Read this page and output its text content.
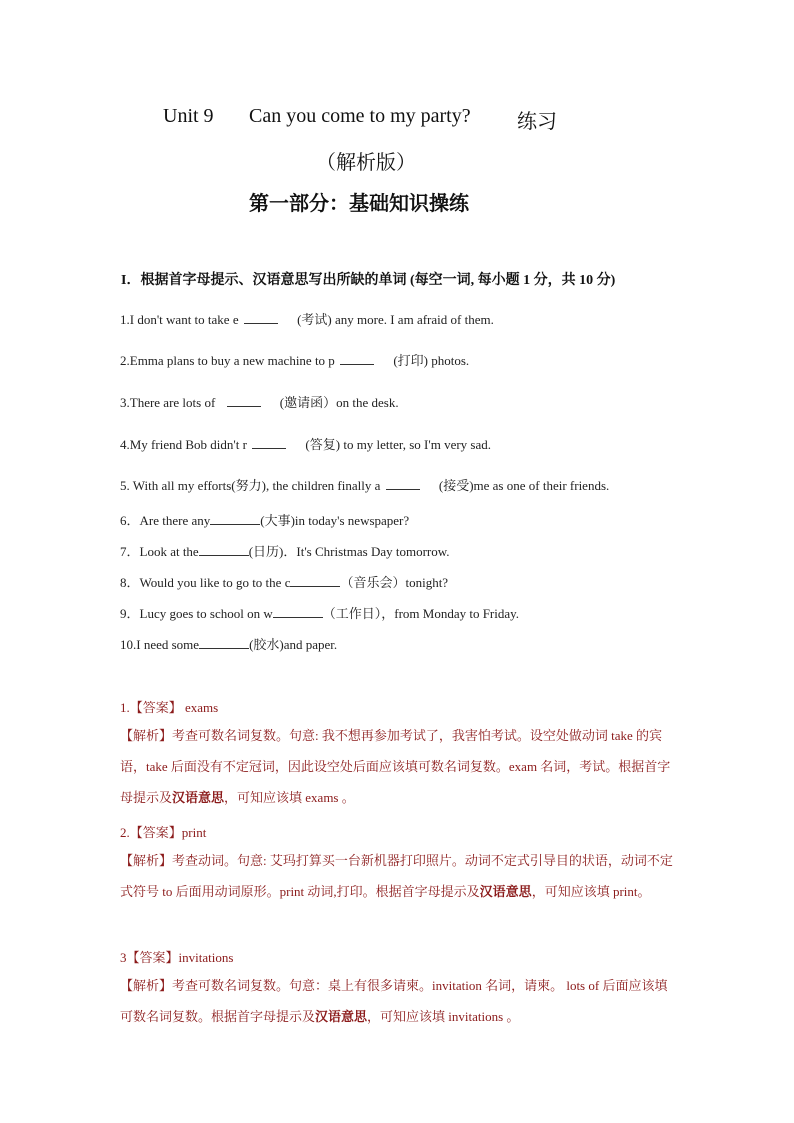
Unit 9 Can you come to my party? 练习
（解析版）
第一部分：基础知识操练
I．根据首字母提示、汉语意思写出所缺的单词 (每空一词, 每小题 1 分，共 10 分)
1.I don't want to take e	(考试) any more. I am afraid of them.
2.Emma plans to buy a new machine to p	(打印) photos.
3.There are lots of	(邀请函）on the desk.
4.My friend Bob didn't r	(答复) to my letter, so I'm very sad.
5. With all my efforts(努力), the children finally a	(接受)me as one of their friends.
6．Are there any	(大事)in today's newspaper?
7．Look at the	(日历)．It's Christmas Day tomorrow.
8．Would you like to go to the c	（音乐会）tonight?
9．Lucy goes to school on w	（工作日），from Monday to Friday.
10.I need some	(胶水)and paper.
1.【答案】 exams
【解析】考查可数名词复数。句意: 我不想再参加考试了，我害怕考试。设空处做动词 take 的宾语，take 后面没有不定冠词，因此设空处后面应该填可数名词复数。exam 名词，考试。根据首字母提示及汉语意思，可知应该填 exams 。
2.【答案】print
【解析】考查动词。句意: 艾玛打算买一台新机器打印照片。动词不定式引导目的状语，动词不定式符号 to 后面用动词原形。print 动词,打印。根据首字母提示及汉语意思，可知应该填 print。
3【答案】invitations
【解析】考查可数名词复数。句意：桌上有很多请柬。invitation 名词，请柬。 lots of 后面应该填可数名词复数。根据首字母提示及汉语意思，可知应该填 invitations 。
